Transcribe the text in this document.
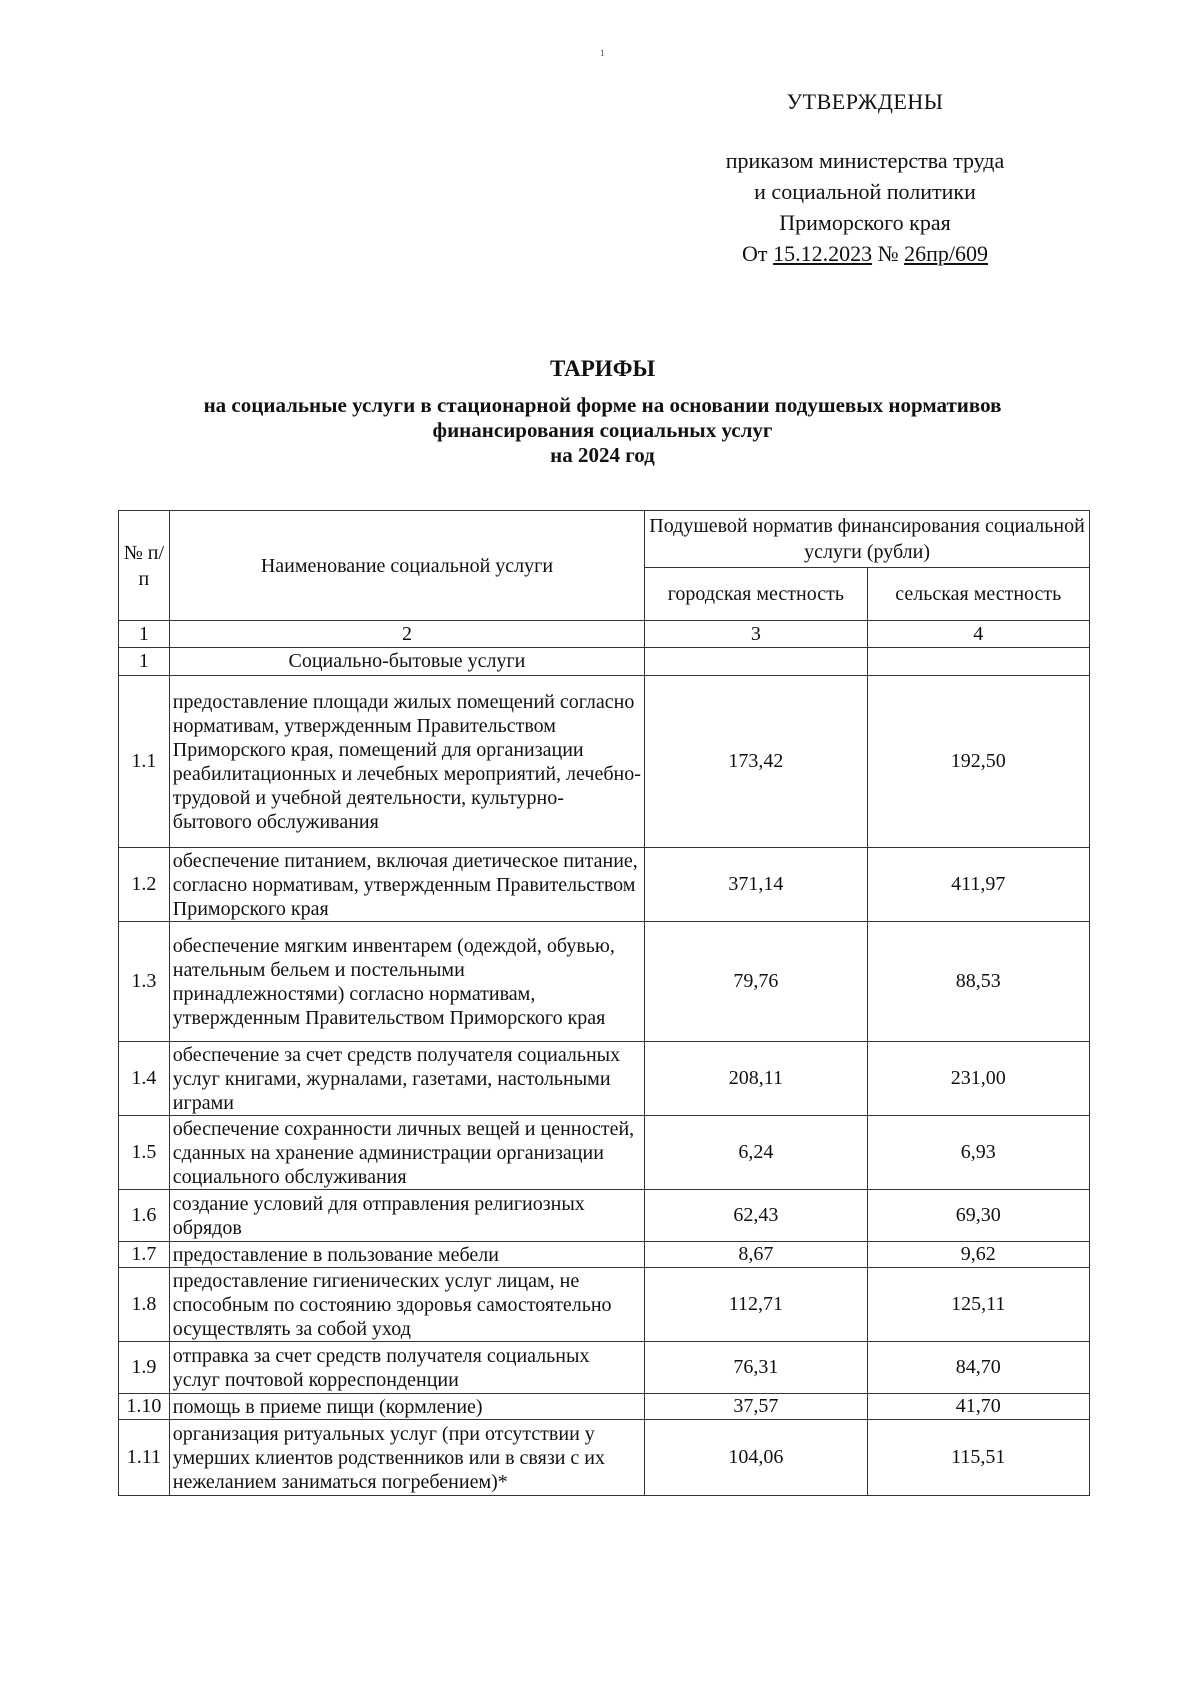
1
УТВЕРЖДЕНЫ
приказом министерства труда
и социальной политики
Приморского края
От 15.12.2023 № 26пр/609
ТАРИФЫ
на социальные услуги в стационарной форме на основании подушевых нормативов
финансирования социальных услуг
на 2024 год
№ п/п	Наименование социальной услуги	Подушевой норматив финансирования социальной услуги (рубли)	
		городская местность	сельская местность
1	2	3	4
1	Социально-бытовые услуги		
1.1	предоставление площади жилых помещений согласно нормативам, утвержденным Правительством Приморского края, помещений для организации реабилитационных и лечебных мероприятий, лечебно-трудовой и учебной деятельности, культурно-бытового обслуживания	173,42	192,50
1.2	обеспечение питанием, включая диетическое питание, согласно нормативам, утвержденным Правительством Приморского края	371,14	411,97
1.3	обеспечение мягким инвентарем (одеждой, обувью, нательным бельем и постельными принадлежностями) согласно нормативам, утвержденным Правительством Приморского края	79,76	88,53
1.4	обеспечение за счет средств получателя социальных услуг книгами, журналами, газетами, настольными играми	208,11	231,00
1.5	обеспечение сохранности личных вещей и ценностей, сданных на хранение администрации организации социального обслуживания	6,24	6,93
1.6	создание условий для отправления религиозных обрядов	62,43	69,30
1.7	предоставление в пользование мебели	8,67	9,62
1.8	предоставление гигиенических услуг лицам, не способным по состоянию здоровья самостоятельно осуществлять за собой уход	112,71	125,11
1.9	отправка за счет средств получателя социальных услуг почтовой корреспонденции	76,31	84,70
1.10	помощь в приеме пищи (кормление)	37,57	41,70
1.11	организация ритуальных услуг (при отсутствии у умерших клиентов родственников или в связи с их нежеланием заниматься погребением)*	104,06	115,51
